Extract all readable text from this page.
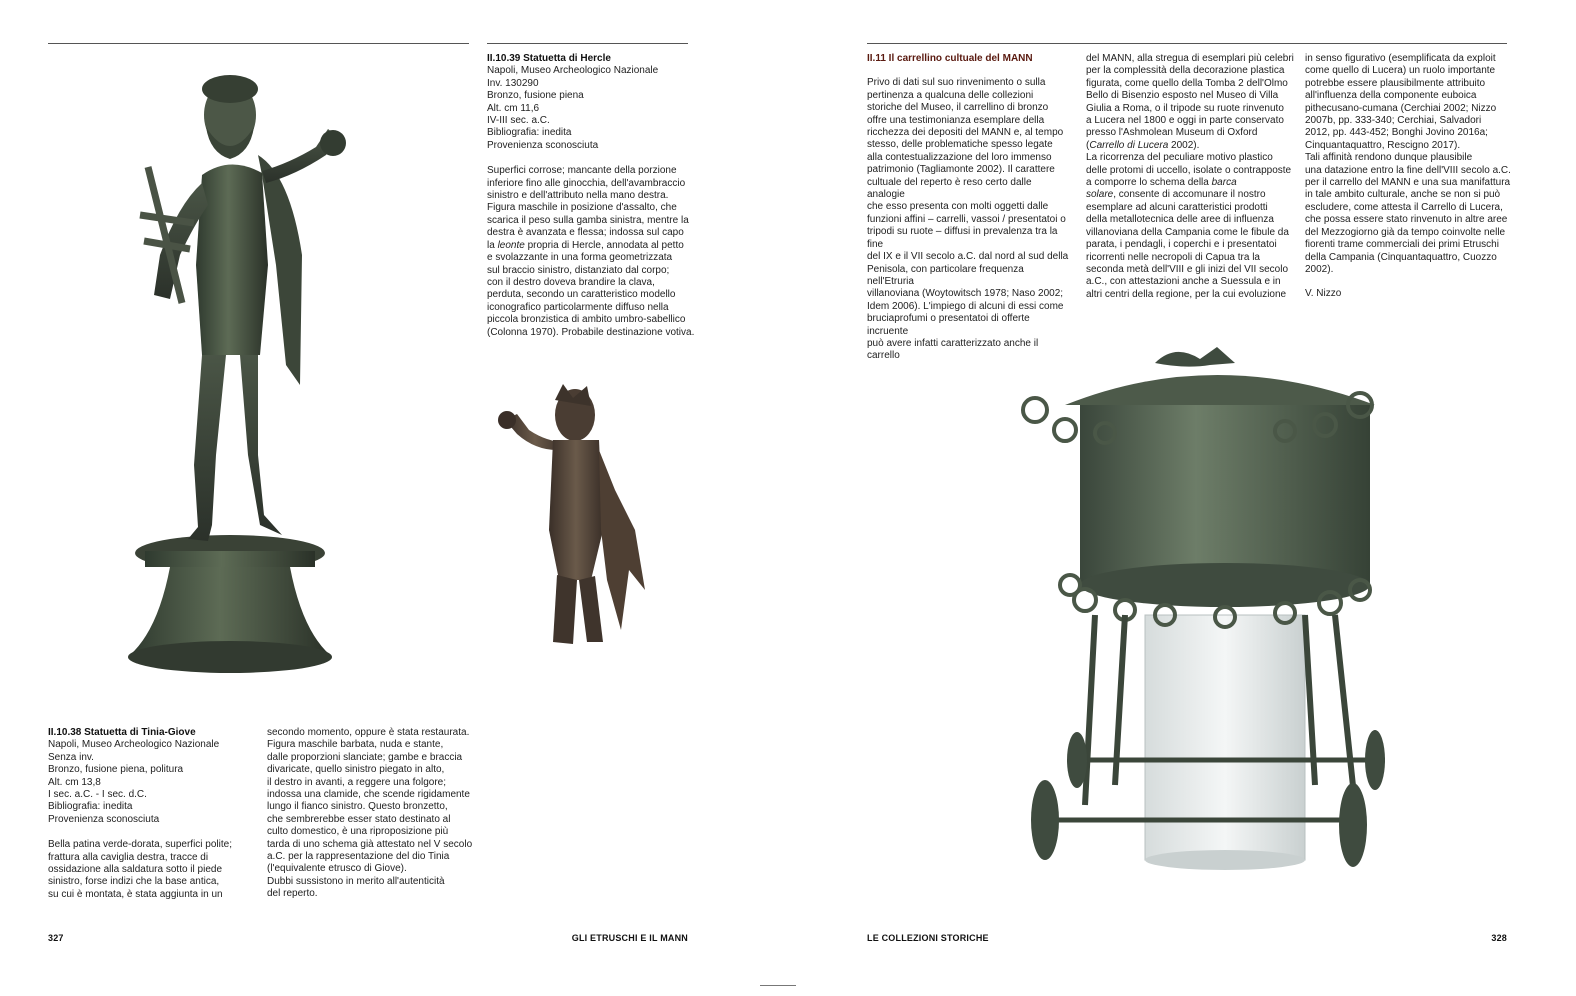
II.10.39 Statuetta di Hercle
Napoli, Museo Archeologico Nazionale
Inv. 130290
Bronzo, fusione piena
Alt. cm 11,6
IV-III sec. a.C.
Bibliografia: inedita
Provenienza sconosciuta
Superfici corrose; mancante della porzione
inferiore fino alle ginocchia, dell'avambraccio
sinistro e dell'attributo nella mano destra.
Figura maschile in posizione d'assalto, che
scarica il peso sulla gamba sinistra, mentre la
destra è avanzata e flessa; indossa sul capo
la leonte propria di Hercle, annodata al petto
e svolazzante in una forma geometrizzata
sul braccio sinistro, distanziato dal corpo;
con il destro doveva brandire la clava,
perduta, secondo un caratteristico modello
iconografico particolarmente diffuso nella
piccola bronzistica di ambito umbro-sabellico
(Colonna 1970). Probabile destinazione votiva.
II.10.38 Statuetta di Tinia-Giove
Napoli, Museo Archeologico Nazionale
Senza inv.
Bronzo, fusione piena, politura
Alt. cm 13,8
I sec. a.C. - I sec. d.C.
Bibliografia: inedita
Provenienza sconosciuta
Bella patina verde-dorata, superfici polite;
frattura alla caviglia destra, tracce di
ossidazione alla saldatura sotto il piede
sinistro, forse indizi che la base antica,
su cui è montata, è stata aggiunta in un
secondo momento, oppure è stata restaurata.
Figura maschile barbata, nuda e stante,
dalle proporzioni slanciate; gambe e braccia
divaricate, quello sinistro piegato in alto,
il destro in avanti, a reggere una folgore;
indossa una clamide, che scende rigidamente
lungo il fianco sinistro. Questo bronzetto,
che sembrerebbe esser stato destinato al
culto domestico, è una riproposizione più
tarda di uno schema già attestato nel V secolo
a.C. per la rappresentazione del dio Tinia
(l'equivalente etrusco di Giove).
Dubbi sussistono in merito all'autenticità
del reperto.
327	GLI ETRUSCHI E IL MANN
II.11 Il carrellino cultuale del MANN
Privo di dati sul suo rinvenimento o sulla
pertinenza a qualcuna delle collezioni
storiche del Museo, il carrellino di bronzo
offre una testimonianza esemplare della
ricchezza dei depositi del MANN e, al tempo
stesso, delle problematiche spesso legate
alla contestualizzazione del loro immenso
patrimonio (Tagliamonte 2002). Il carattere
cultuale del reperto è reso certo dalle analogie
che esso presenta con molti oggetti dalle
funzioni affini – carrelli, vassoi / presentatoi o
tripodi su ruote – diffusi in prevalenza tra la fine
del IX e il VII secolo a.C. dal nord al sud della
Penisola, con particolare frequenza nell'Etruria
villanoviana (Woytowitsch 1978; Naso 2002;
Idem 2006). L'impiego di alcuni di essi come
bruciaprofumi o presentatoi di offerte incruente
può avere infatti caratterizzato anche il carrello
del MANN, alla stregua di esemplari più celebri
per la complessità della decorazione plastica
figurata, come quello della Tomba 2 dell'Olmo
Bello di Bisenzio esposto nel Museo di Villa
Giulia a Roma, o il tripode su ruote rinvenuto
a Lucera nel 1800 e oggi in parte conservato
presso l'Ashmolean Museum di Oxford
(Carrello di Lucera 2002).
La ricorrenza del peculiare motivo plastico
delle protomi di uccello, isolate o contrapposte
a comporre lo schema della barca
solare, consente di accomunare il nostro
esemplare ad alcuni caratteristici prodotti
della metallotecnica delle aree di influenza
villanoviana della Campania come le fibule da
parata, i pendagli, i coperchi e i presentatoi
ricorrenti nelle necropoli di Capua tra la
seconda metà dell'VIII e gli inizi del VII secolo
a.C., con attestazioni anche a Suessula e in
altri centri della regione, per la cui evoluzione
in senso figurativo (esemplificata da exploit
come quello di Lucera) un ruolo importante
potrebbe essere plausibilmente attribuito
all'influenza della componente euboica
pithecusano-cumana (Cerchiai 2002; Nizzo
2007b, pp. 333-340; Cerchiai, Salvadori
2012, pp. 443-452; Bonghi Jovino 2016a;
Cinquantaquattro, Rescigno 2017).
Tali affinità rendono dunque plausibile
una datazione entro la fine dell'VIII secolo a.C.
per il carrello del MANN e una sua manifattura
in tale ambito culturale, anche se non si può
escludere, come attesta il Carrello di Lucera,
che possa essere stato rinvenuto in altre aree
del Mezzogiorno già da tempo coinvolte nelle
fiorenti trame commerciali dei primi Etruschi
della Campania (Cinquantaquattro, Cuozzo
2002).
V. Nizzo
LE COLLEZIONI STORICHE	328
